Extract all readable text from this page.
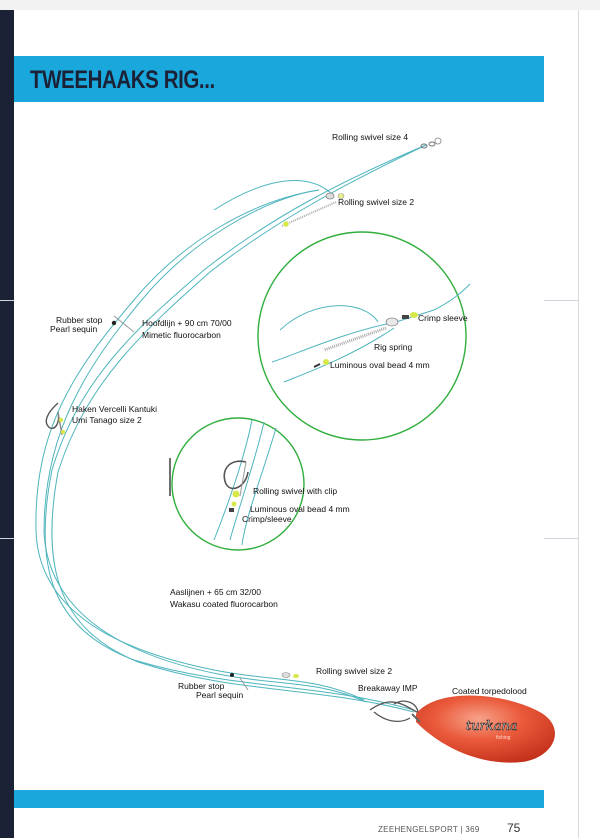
TWEEHAAKS RIG...
turkana
fishing
Rolling swivel size 4
Rolling swivel size 2
Crimp sleeve
Rig spring
Luminous oval bead 4 mm
Rubber stop
Pearl sequin
Hoofdlijn + 90 cm 70/00
Mimetic fluorocarbon
Haken Vercelli Kantuki
Umi Tanago size 2
Rolling swivel with clip
Luminous oval bead 4 mm
Crimp/sleeve
Aaslijnen + 65 cm 32/00
Wakasu coated fluorocarbon
Rolling swivel size 2
Rubber stop
Pearl sequin
Breakaway IMP	Coated torpedolood
ZEEHENGELSPORT | 369 75
